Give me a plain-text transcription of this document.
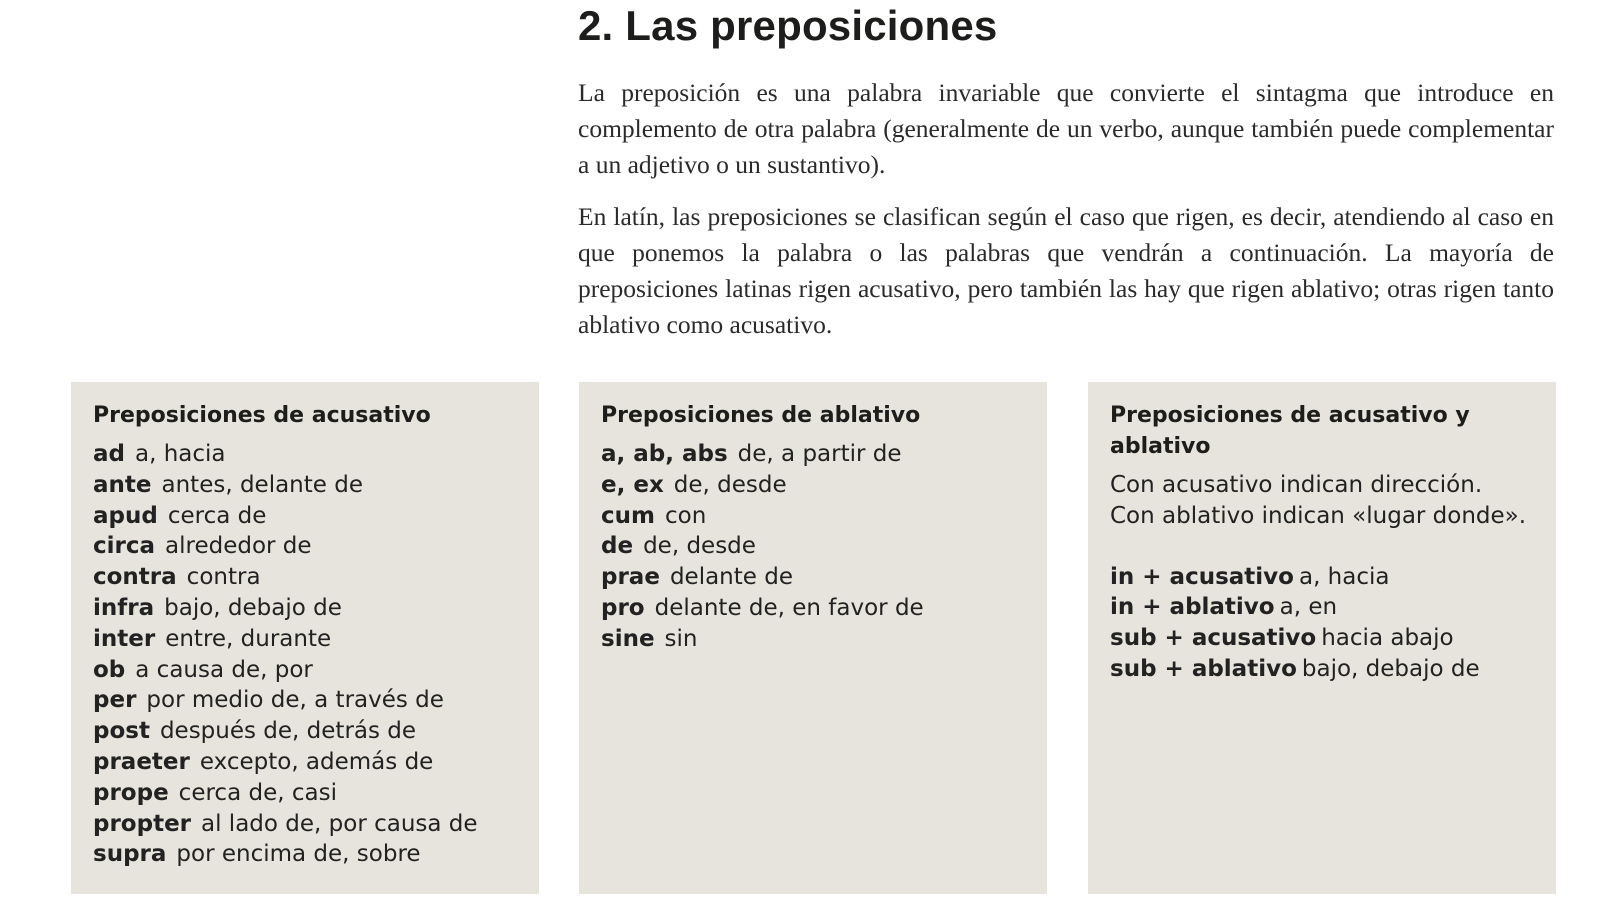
2. Las preposiciones

La preposición es una palabra invariable que convierte el sintagma que introduce en complemento de otra palabra (generalmente de un verbo, aunque también puede complementar a un adjetivo o un sustantivo).

En latín, las preposiciones se clasifican según el caso que rigen, es decir, atendiendo al caso en que ponemos la palabra o las palabras que vendrán a continuación. La mayoría de preposiciones latinas rigen acusativo, pero también las hay que rigen ablativo; otras rigen tanto ablativo como acusativo.

Preposiciones de acusativo
ad a, hacia
ante antes, delante de
apud cerca de
circa alrededor de
contra contra
infra bajo, debajo de
inter entre, durante
ob a causa de, por
per por medio de, a través de
post después de, detrás de
praeter excepto, además de
prope cerca de, casi
propter al lado de, por causa de
supra por encima de, sobre
Preposiciones de ablativo
a, ab, abs de, a partir de
e, ex de, desde
cum con
de de, desde
prae delante de
pro delante de, en favor de
sine sin
Preposiciones de acusativo y ablativo
Con acusativo indican dirección.
Con ablativo indican «lugar donde».
in + acusativo a, hacia
in + ablativo a, en
sub + acusativo hacia abajo
sub + ablativo bajo, debajo de
